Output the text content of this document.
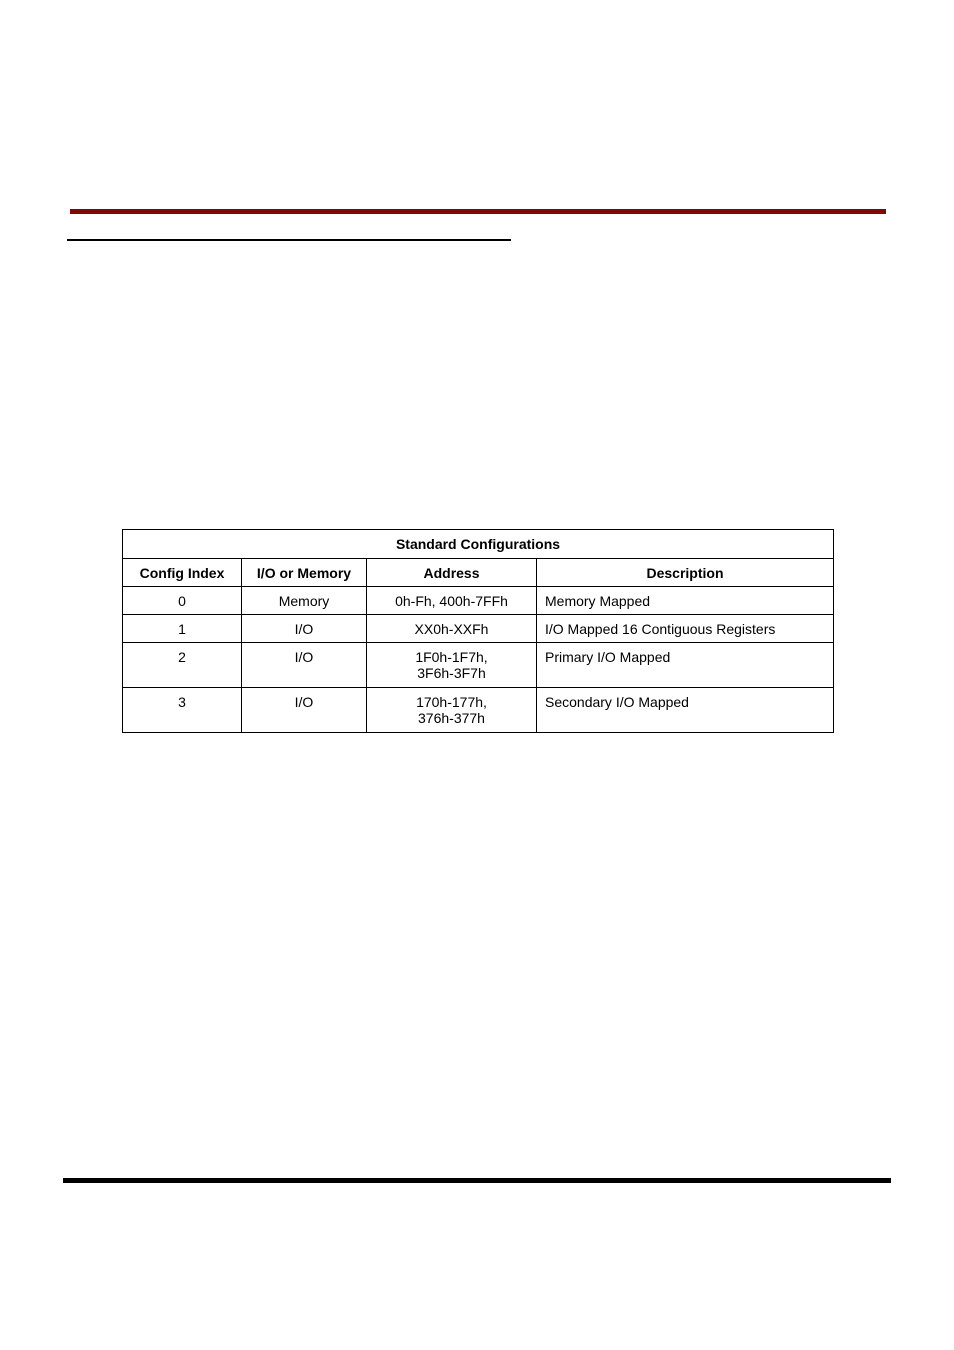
Standard Configurations			
Config Index	I/O or Memory	Address	Description

0	Memory	0h-Fh, 400h-7FFh	Memory Mapped

1	I/O	XX0h-XXFh	I/O Mapped 16 Contiguous Registers

2	I/O	1F0h-1F7h,
3F6h-3F7h	Primary I/O Mapped

3	I/O	170h-177h,
376h-377h	Secondary I/O Mapped
